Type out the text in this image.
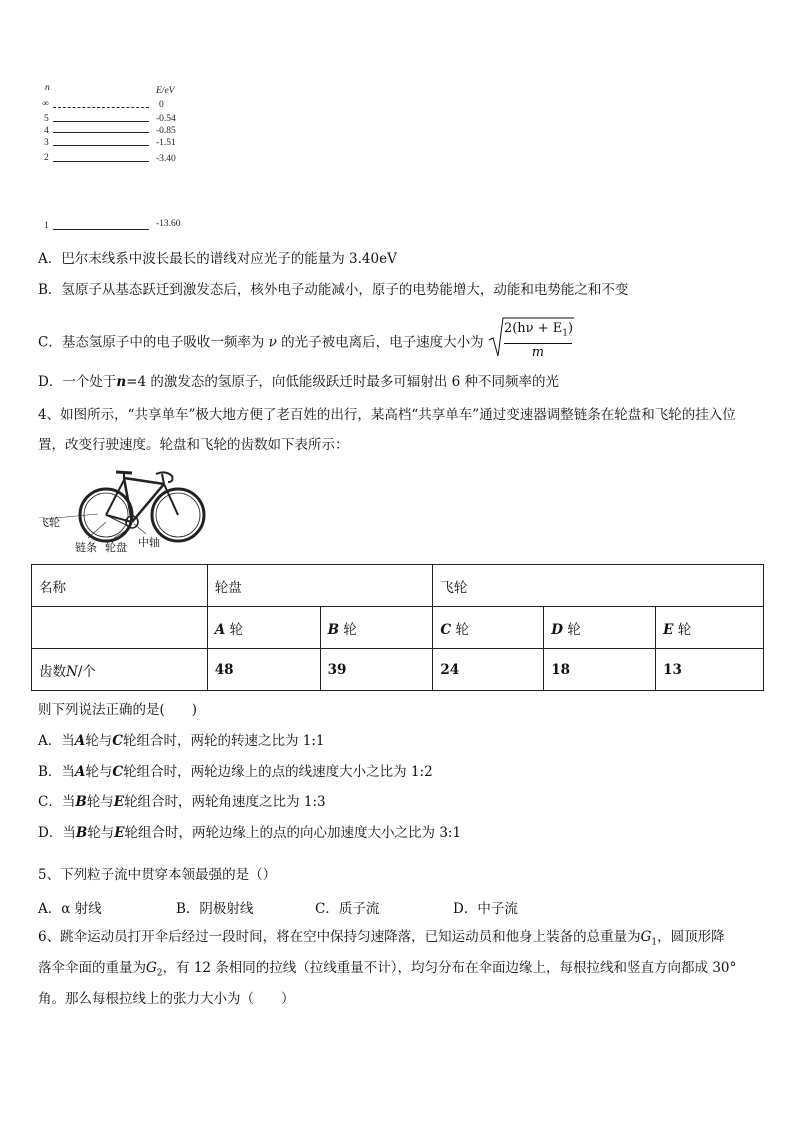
n	E/eV
∞	0
5	-0.54
4	-0.85
3	-1.51
2	-3.40
1	-13.60
A．巴尔末线系中波长最长的谱线对应光子的能量为 3.40eV
B．氢原子从基态跃迁到激发态后，核外电子动能减小，原子的电势能增大，动能和电势能之和不变
C．基态氢原子中的电子吸收一频率为 ν 的光子被电离后，电子速度大小为 $\frac{2(h\nu + E_1)}{m}$
D．一个处于n=4 的激发态的氢原子，向低能级跃迁时最多可辐射出 6 种不同频率的光
4、如图所示，“共享单车”极大地方便了老百姓的出行，某高档“共享单车”通过变速器调整链条在轮盘和飞轮的挂入位
置，改变行驶速度。轮盘和飞轮的齿数如下表所示：
飞轮
链条 轮盘 中轴
名称	轮盘		飞轮		
	A 轮	B 轮	C 轮	D 轮	E 轮
齿数N/个	48	39	24	18	13
则下列说法正确的是(　　)
A．当A轮与C轮组合时，两轮的转速之比为 1:1
B．当A轮与C轮组合时，两轮边缘上的点的线速度大小之比为 1:2
C．当B轮与E轮组合时，两轮角速度之比为 1:3
D．当B轮与E轮组合时，两轮边缘上的点的向心加速度大小之比为 3:1
5、下列粒子流中贯穿本领最强的是（）
A．α 射线	B．阴极射线	C．质子流	D．中子流
6、跳伞运动员打开伞后经过一段时间，将在空中保持匀速降落，已知运动员和他身上装备的总重量为$G_1$，圆顶形降
落伞伞面的重量为$G_2$，有 12 条相同的拉线（拉线重量不计），均匀分布在伞面边缘上，每根拉线和竖直方向都成 30°
角。那么每根拉线上的张力大小为（　　）
